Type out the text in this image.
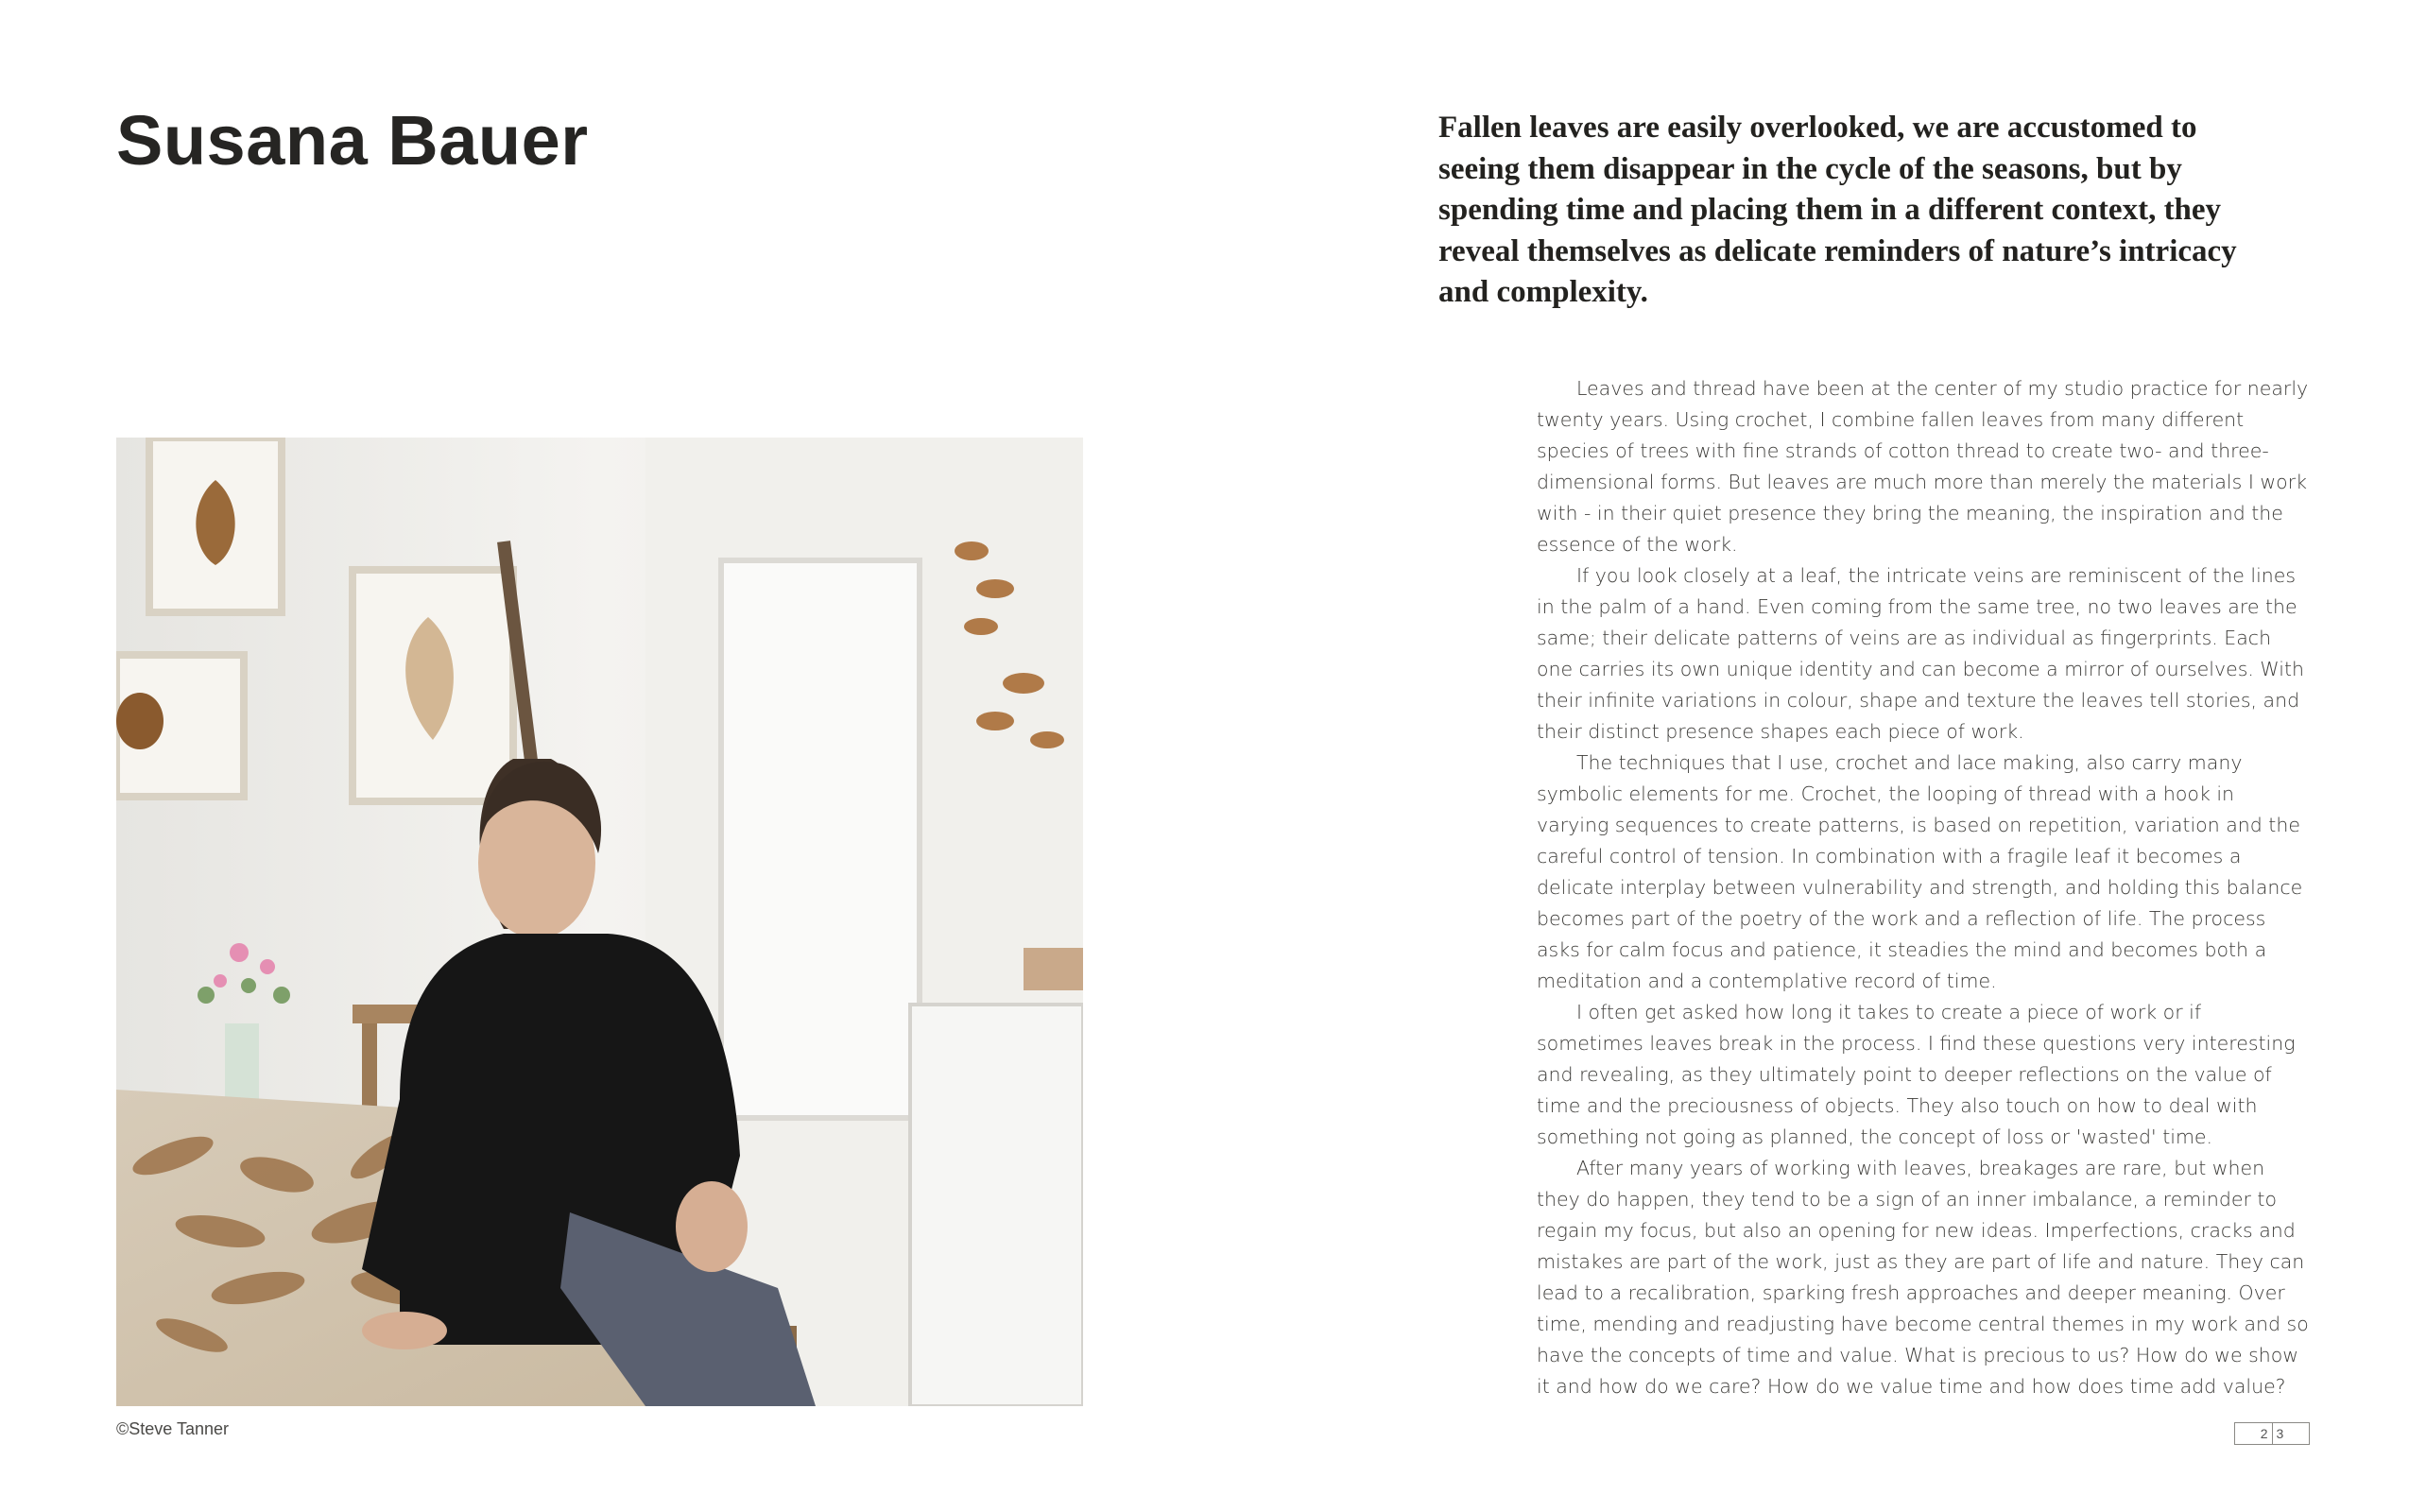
Susana Bauer
©Steve Tanner

Fallen leaves are easily overlooked, we are accustomed to seeing them disappear in the cycle of the seasons, but by spending time and placing them in a different context, they reveal themselves as delicate reminders of nature’s intricacy and complexity.

Leaves and thread have been at the center of my studio practice for nearly twenty years. Using crochet, I combine fallen leaves from many different species of trees with fine strands of cotton thread to create two- and three-dimensional forms. But leaves are much more than merely the materials I work with - in their quiet presence they bring the meaning, the inspiration and the essence of the work.

If you look closely at a leaf, the intricate veins are reminiscent of the lines in the palm of a hand. Even coming from the same tree, no two leaves are the same; their delicate patterns of veins are as individual as fingerprints. Each one carries its own unique identity and can become a mirror of ourselves. With their infinite variations in colour, shape and texture the leaves tell stories, and their distinct presence shapes each piece of work.

The techniques that I use, crochet and lace making, also carry many symbolic elements for me. Crochet, the looping of thread with a hook in varying sequences to create patterns, is based on repetition, variation and the careful control of tension. In combination with a fragile leaf it becomes a delicate interplay between vulnerability and strength, and holding this balance becomes part of the poetry of the work and a reflection of life. The process asks for calm focus and patience, it steadies the mind and becomes both a meditation and a contemplative record of time.

I often get asked how long it takes to create a piece of work or if sometimes leaves break in the process. I find these questions very interesting and revealing, as they ultimately point to deeper reflections on the value of time and the preciousness of objects. They also touch on how to deal with something not going as planned, the concept of loss or 'wasted' time.

After many years of working with leaves, breakages are rare, but when they do happen, they tend to be a sign of an inner imbalance, a reminder to regain my focus, but also an opening for new ideas. Imperfections, cracks and mistakes are part of the work, just as they are part of life and nature. They can lead to a recalibration, sparking fresh approaches and deeper meaning. Over time, mending and readjusting have become central themes in my work and so have the concepts of time and value. What is precious to us? How do we show it and how do we care? How do we value time and how does time add value?

2 3
